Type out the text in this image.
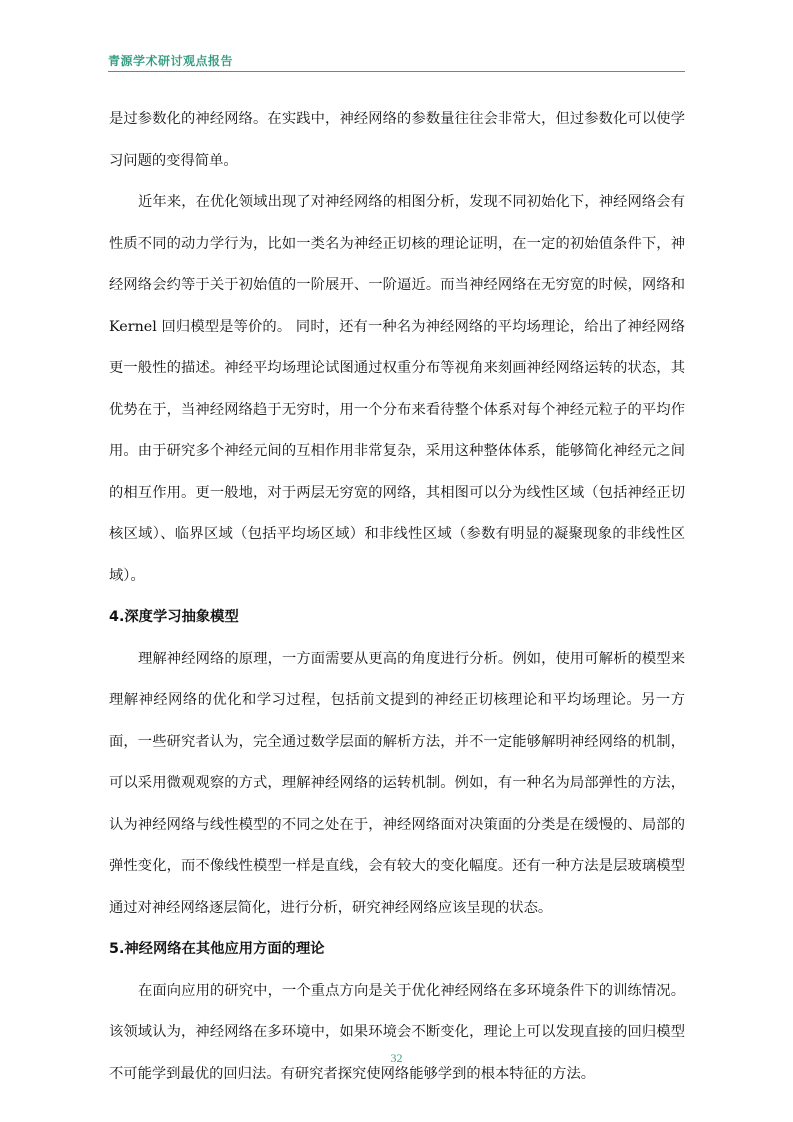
青源学术研讨观点报告

是过参数化的神经网络。在实践中，神经网络的参数量往往会非常大，但过参数化可以使学习问题的变得简单。

近年来，在优化领域出现了对神经网络的相图分析，发现不同初始化下，神经网络会有性质不同的动力学行为，比如一类名为神经正切核的理论证明，在一定的初始值条件下，神经网络会约等于关于初始值的一阶展开、一阶逼近。而当神经网络在无穷宽的时候，网络和 Kernel 回归模型是等价的。 同时，还有一种名为神经网络的平均场理论，给出了神经网络更一般性的描述。神经平均场理论试图通过权重分布等视角来刻画神经网络运转的状态，其优势在于，当神经网络趋于无穷时，用一个分布来看待整个体系对每个神经元粒子的平均作用。由于研究多个神经元间的互相作用非常复杂，采用这种整体体系，能够简化神经元之间的相互作用。更一般地，对于两层无穷宽的网络，其相图可以分为线性区域（包括神经正切核区域）、临界区域（包括平均场区域）和非线性区域（参数有明显的凝聚现象的非线性区域）。

4.深度学习抽象模型

理解神经网络的原理，一方面需要从更高的角度进行分析。例如，使用可解析的模型来理解神经网络的优化和学习过程，包括前文提到的神经正切核理论和平均场理论。另一方面，一些研究者认为，完全通过数学层面的解析方法，并不一定能够解明神经网络的机制，可以采用微观观察的方式，理解神经网络的运转机制。例如，有一种名为局部弹性的方法，认为神经网络与线性模型的不同之处在于，神经网络面对决策面的分类是在缓慢的、局部的弹性变化，而不像线性模型一样是直线，会有较大的变化幅度。还有一种方法是层玻璃模型通过对神经网络逐层简化，进行分析，研究神经网络应该呈现的状态。

5.神经网络在其他应用方面的理论

在面向应用的研究中，一个重点方向是关于优化神经网络在多环境条件下的训练情况。该领域认为，神经网络在多环境中，如果环境会不断变化，理论上可以发现直接的回归模型不可能学到最优的回归法。有研究者探究使网络能够学到的根本特征的方法。

32
